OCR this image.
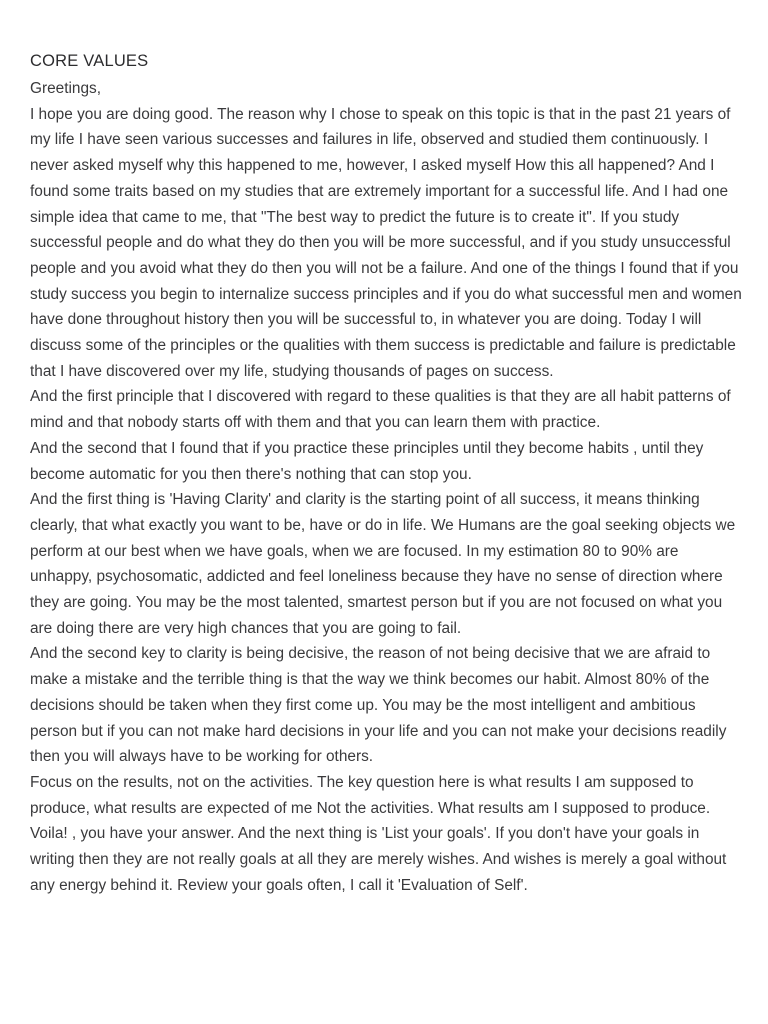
CORE VALUES

Greetings,

I hope you are doing good. The reason why I chose to speak on this topic is that in the past 21 years of my life I have seen various successes and failures in life, observed and studied them continuously. I never asked myself why this happened to me, however, I asked myself How this all happened? And I found some traits based on my studies that are extremely important for a successful life. And I had one simple idea that came to me, that "The best way to predict the future is to create it". If you study successful people and do what they do then you will be more successful, and if you study unsuccessful people and you avoid what they do then you will not be a failure. And one of the things I found that if you study success you begin to internalize success principles and if you do what successful men and women have done throughout history then you will be successful to, in whatever you are doing. Today I will discuss some of the principles or the qualities with them success is predictable and failure is predictable that I have discovered over my life, studying thousands of pages on success.

And the first principle that I discovered with regard to these qualities is that they are all habit patterns of mind and that nobody starts off with them and that you can learn them with practice.

And the second that I found that if you practice these principles until they become habits , until they become automatic for you then there's nothing that can stop you.

And the first thing is 'Having Clarity' and clarity is the starting point of all success, it means thinking clearly, that what exactly you want to be, have or do in life. We Humans are the goal seeking objects we perform at our best when we have goals, when we are focused. In my estimation 80 to 90% are unhappy, psychosomatic, addicted and feel loneliness because they have no sense of direction where they are going. You may be the most talented, smartest person but if you are not focused on what you are doing there are very high chances that you are going to fail.

And the second key to clarity is being decisive, the reason of not being decisive that we are afraid to make a mistake and the terrible thing is that the way we think becomes our habit. Almost 80% of the decisions should be taken when they first come up. You may be the most intelligent and ambitious person but if you can not make hard decisions in your life and you can not make your decisions readily then you will always have to be working for others.

Focus on the results, not on the activities. The key question here is what results I am supposed to produce, what results are expected of me Not the activities. What results am I supposed to produce. Voila! , you have your answer. And the next thing is 'List your goals'. If you don't have your goals in writing then they are not really goals at all they are merely wishes. And wishes is merely a goal without any energy behind it. Review your goals often, I call it 'Evaluation of Self'.
